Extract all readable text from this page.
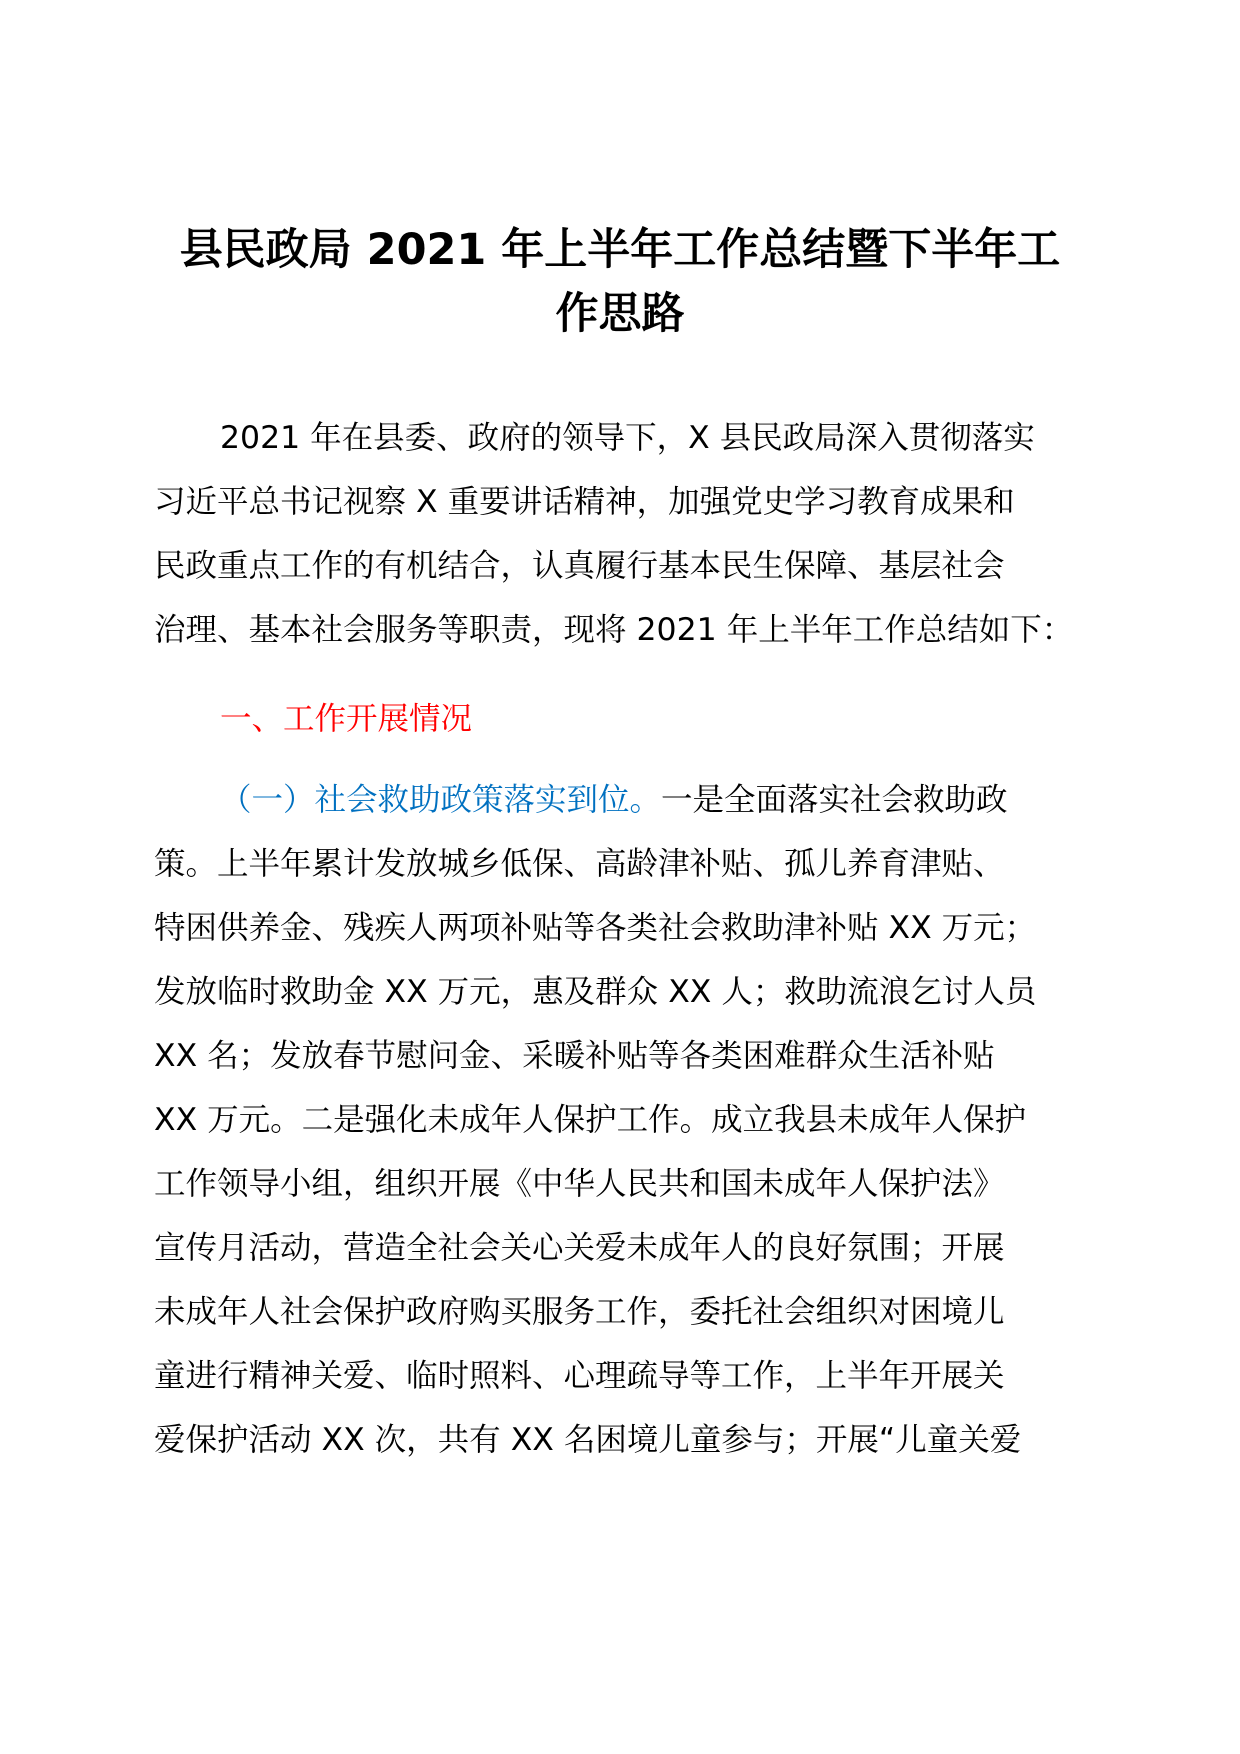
县民政局 2021 年上半年工作总结暨下半年工
作思路
2021 年在县委、政府的领导下，X 县民政局深入贯彻落实
习近平总书记视察 X 重要讲话精神，加强党史学习教育成果和
民政重点工作的有机结合，认真履行基本民生保障、基层社会
治理、基本社会服务等职责，现将 2021 年上半年工作总结如下：
一、工作开展情况
（一）社会救助政策落实到位。一是全面落实社会救助政
策。上半年累计发放城乡低保、高龄津补贴、孤儿养育津贴、
特困供养金、残疾人两项补贴等各类社会救助津补贴 XX 万元；
发放临时救助金 XX 万元，惠及群众 XX 人；救助流浪乞讨人员
XX 名；发放春节慰问金、采暖补贴等各类困难群众生活补贴
XX 万元。二是强化未成年人保护工作。成立我县未成年人保护
工作领导小组，组织开展《中华人民共和国未成年人保护法》
宣传月活动，营造全社会关心关爱未成年人的良好氛围；开展
未成年人社会保护政府购买服务工作，委托社会组织对困境儿
童进行精神关爱、临时照料、心理疏导等工作，上半年开展关
爱保护活动 XX 次，共有 XX 名困境儿童参与；开展“儿童关爱
